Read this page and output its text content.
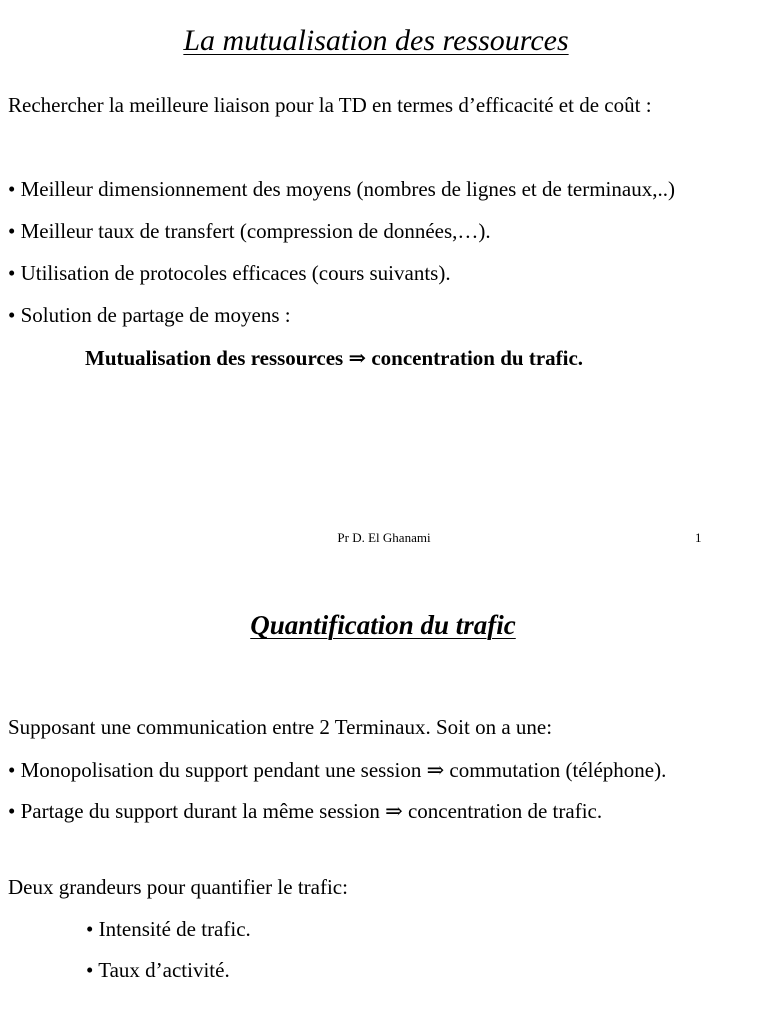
La mutualisation des ressources
Rechercher la meilleure liaison pour la TD en termes d’efficacité et de coût :
• Meilleur dimensionnement des moyens (nombres de lignes et de terminaux,..)
• Meilleur taux de transfert (compression de données,…).
• Utilisation de protocoles efficaces (cours suivants).
• Solution de partage de moyens :
Mutualisation des ressources ⇒ concentration du trafic.
Pr D. El Ghanami	1
Quantification du trafic
Supposant une communication entre 2 Terminaux. Soit on a une:
• Monopolisation du support pendant une session ⇒ commutation (téléphone).
• Partage du support durant la même session ⇒ concentration de trafic.
Deux grandeurs pour quantifier le trafic:
• Intensité de trafic.
• Taux d’activité.
